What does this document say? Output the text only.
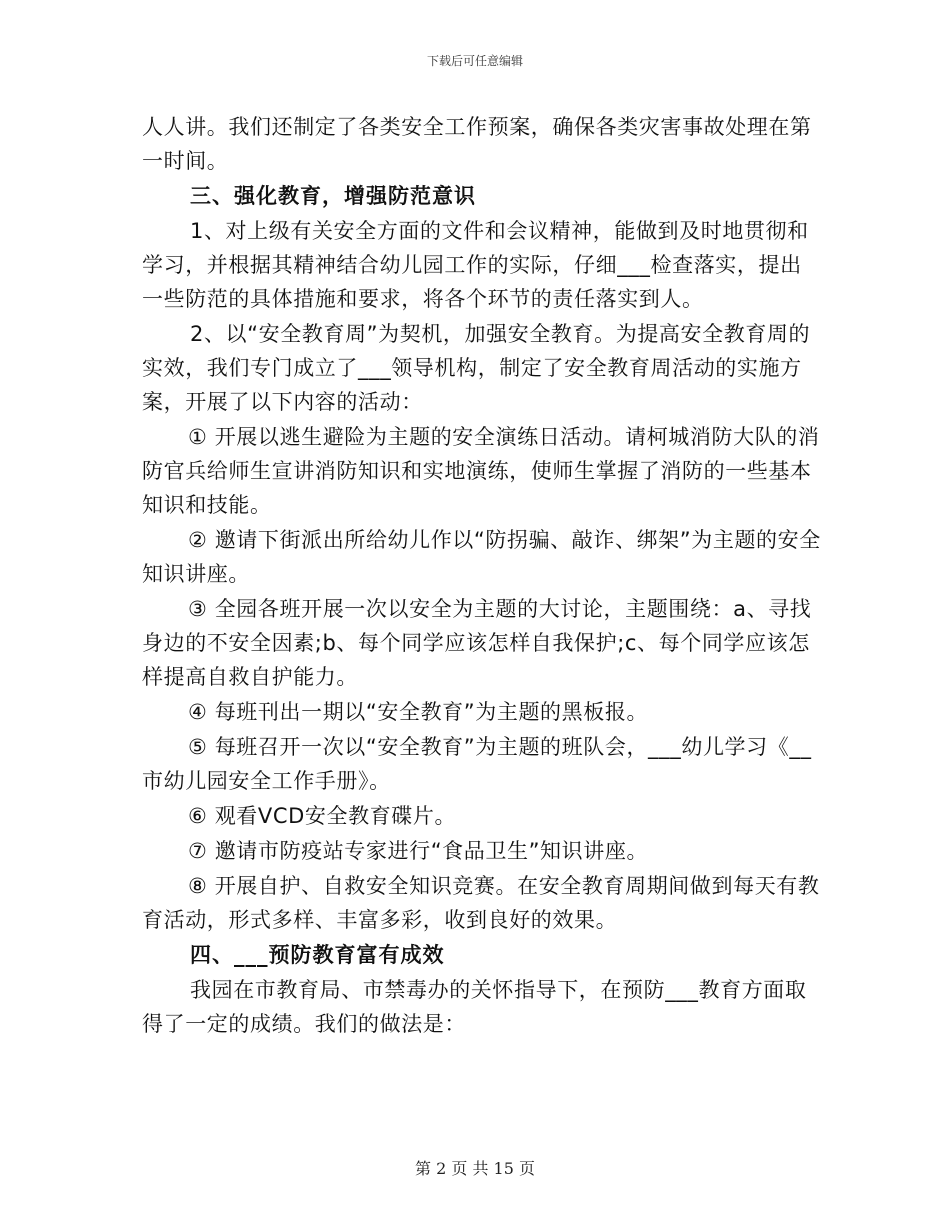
下载后可任意编辑

人人讲。我们还制定了各类安全工作预案，确保各类灾害事故处理在第一时间。

三、强化教育，增强防范意识

1、对上级有关安全方面的文件和会议精神，能做到及时地贯彻和学习，并根据其精神结合幼儿园工作的实际，仔细___检查落实，提出一些防范的具体措施和要求，将各个环节的责任落实到人。

2、以“安全教育周”为契机，加强安全教育。为提高安全教育周的实效，我们专门成立了___领导机构，制定了安全教育周活动的实施方案，开展了以下内容的活动：

① 开展以逃生避险为主题的安全演练日活动。请柯城消防大队的消防官兵给师生宣讲消防知识和实地演练，使师生掌握了消防的一些基本知识和技能。

② 邀请下街派出所给幼儿作以“防拐骗、敲诈、绑架”为主题的安全知识讲座。

③ 全园各班开展一次以安全为主题的大讨论，主题围绕：a、寻找身边的不安全因素;b、每个同学应该怎样自我保护;c、每个同学应该怎样提高自救自护能力。

④ 每班刊出一期以“安全教育”为主题的黑板报。

⑤ 每班召开一次以“安全教育”为主题的班队会，___幼儿学习《__市幼儿园安全工作手册》。

⑥ 观看VCD安全教育碟片。

⑦ 邀请市防疫站专家进行“食品卫生”知识讲座。

⑧ 开展自护、自救安全知识竞赛。在安全教育周期间做到每天有教育活动，形式多样、丰富多彩，收到良好的效果。

四、___预防教育富有成效

我园在市教育局、市禁毒办的关怀指导下，在预防___教育方面取得了一定的成绩。我们的做法是：

第 2 页 共 15 页
